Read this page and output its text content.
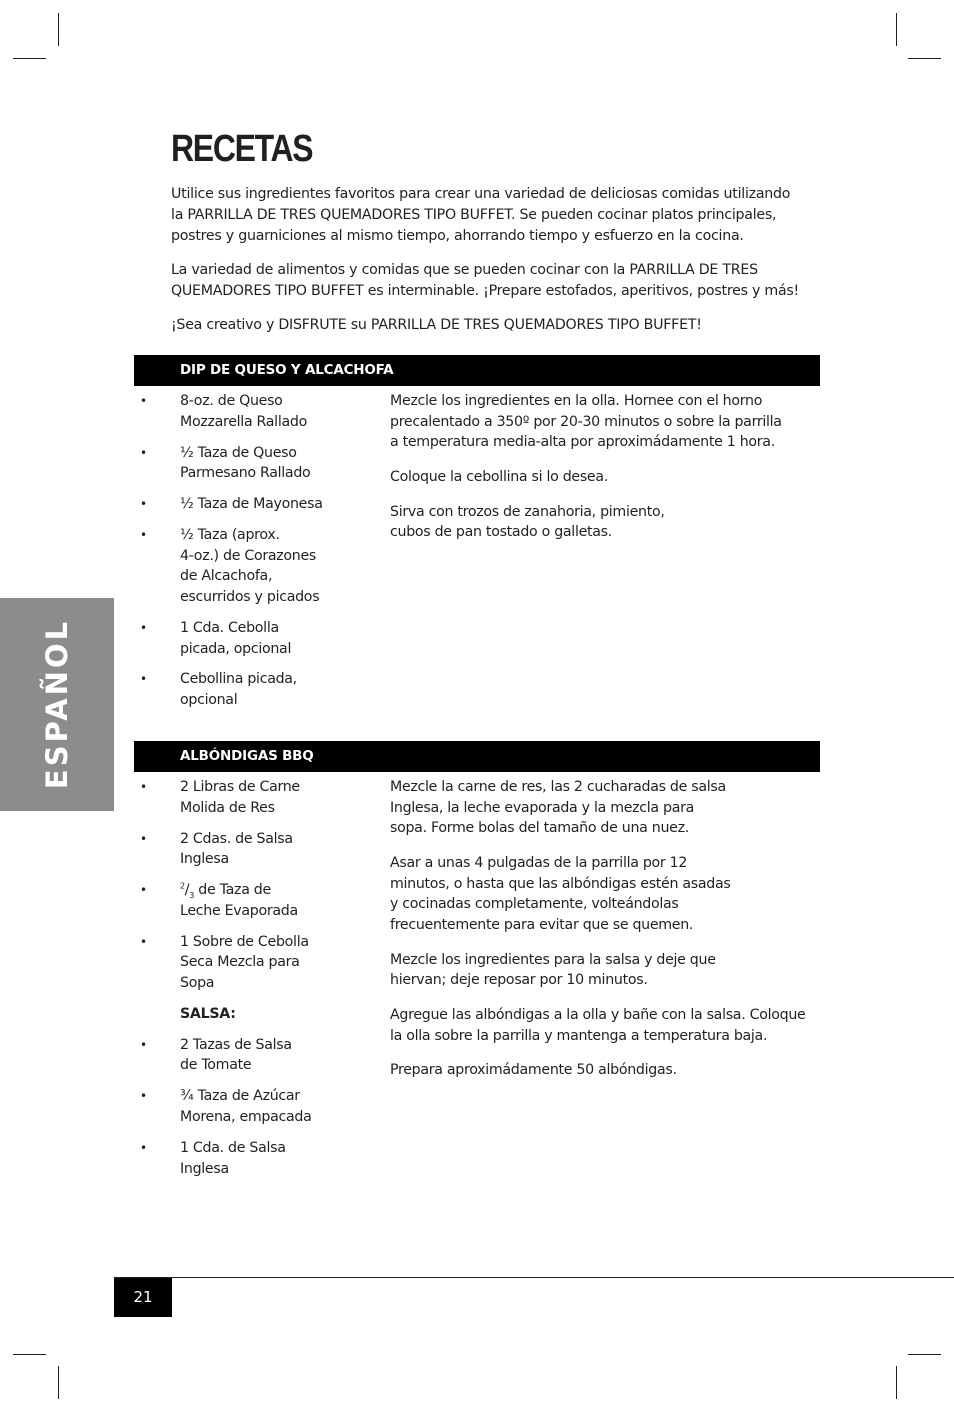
RECETAS

Utilice sus ingredientes favoritos para crear una variedad de deliciosas comidas utilizando
la PARRILLA DE TRES QUEMADORES TIPO BUFFET. Se pueden cocinar platos principales,
postres y guarniciones al mismo tiempo, ahorrando tiempo y esfuerzo en la cocina.

La variedad de alimentos y comidas que se pueden cocinar con la PARRILLA DE TRES
QUEMADORES TIPO BUFFET es interminable. ¡Prepare estofados, aperitivos, postres y más!

¡Sea creativo y DISFRUTE su PARRILLA DE TRES QUEMADORES TIPO BUFFET!

ESPAÑOL
DIP DE QUESO Y ALCACHOFA
• 8-oz. de Queso
Mozzarella Rallado
• ½ Taza de Queso
Parmesano Rallado
• ½ Taza de Mayonesa
• ½ Taza (aprox.
4-oz.) de Corazones
de Alcachofa,
escurridos y picados
• 1 Cda. Cebolla
picada, opcional
• Cebollina picada,
opcional

Mezcle los ingredientes en la olla. Hornee con el horno
precalentado a 350º por 20-30 minutos o sobre la parrilla
a temperatura media-alta por aproximádamente 1 hora.

Coloque la cebollina si lo desea.

Sirva con trozos de zanahoria, pimiento,
cubos de pan tostado o galletas.

ALBÓNDIGAS BBQ
• 2 Libras de Carne
Molida de Res
• 2 Cdas. de Salsa
Inglesa
• $^2/_3$ de Taza de
Leche Evaporada
• 1 Sobre de Cebolla
Seca Mezcla para
Sopa
SALSA:
• 2 Tazas de Salsa
de Tomate
• ¾ Taza de Azúcar
Morena, empacada
• 1 Cda. de Salsa
Inglesa

Mezcle la carne de res, las 2 cucharadas de salsa
Inglesa, la leche evaporada y la mezcla para
sopa. Forme bolas del tamaño de una nuez.

Asar a unas 4 pulgadas de la parrilla por 12
minutos, o hasta que las albóndigas estén asadas
y cocinadas completamente, volteándolas
frecuentemente para evitar que se quemen.

Mezcle los ingredientes para la salsa y deje que
hiervan; deje reposar por 10 minutos.

Agregue las albóndigas a la olla y bañe con la salsa. Coloque
la olla sobre la parrilla y mantenga a temperatura baja.

Prepara aproximádamente 50 albóndigas.

21
